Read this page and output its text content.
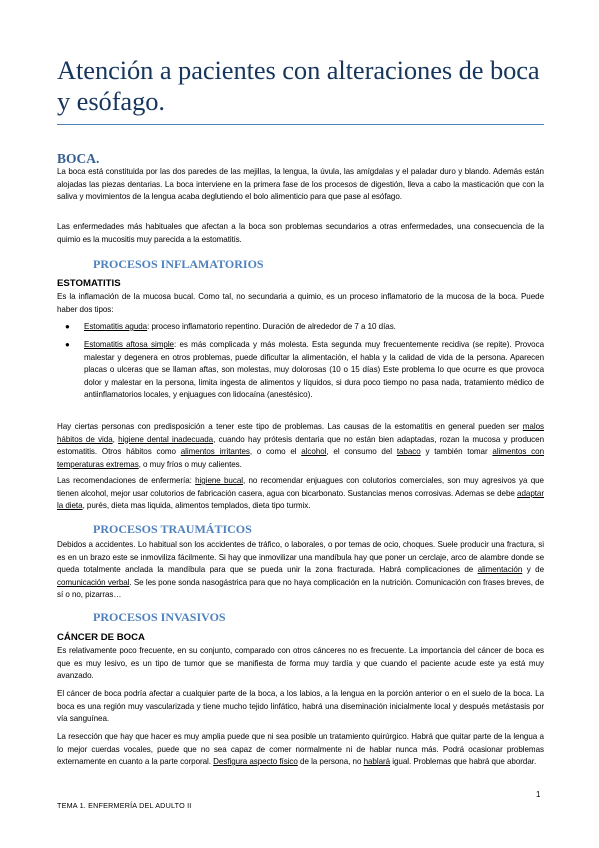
Atención a pacientes con alteraciones de boca y esófago.
BOCA.

La boca está constituida por las dos paredes de las mejillas, la lengua, la úvula, las amígdalas y el paladar duro y blando. Además están alojadas las piezas dentarias. La boca interviene en la primera fase de los procesos de digestión, lleva a cabo la masticación que con la saliva y movimientos de la lengua acaba deglutiendo el bolo alimenticio para que pase al esófago.

Las enfermedades más habituales que afectan a la boca son problemas secundarios a otras enfermedades, una consecuencia de la quimio es la mucositis muy parecida a la estomatitis.

PROCESOS INFLAMATORIOS
ESTOMATITIS

Es la inflamación de la mucosa bucal. Como tal, no secundaria a quimio, es un proceso inflamatorio de la mucosa de la boca. Puede haber dos tipos:

● Estomatitis aguda: proceso inflamatorio repentino. Duración de alrededor de 7 a 10 días.
● Estomatitis aftosa simple: es más complicada y más molesta. Esta segunda muy frecuentemente recidiva (se repite). Provoca malestar y degenera en otros problemas, puede dificultar la alimentación, el habla y la calidad de vida de la persona. Aparecen placas o ulceras que se llaman aftas, son molestas, muy dolorosas (10 o 15 días) Este problema lo que ocurre es que provoca dolor y malestar en la persona, limita ingesta de alimentos y líquidos, si dura poco tiempo no pasa nada, tratamiento médico de antiinflamatorios locales, y enjuagues con lidocaína (anestésico).

Hay ciertas personas con predisposición a tener este tipo de problemas. Las causas de la estomatitis en general pueden ser malos hábitos de vida, higiene dental inadecuada, cuando hay prótesis dentaria que no están bien adaptadas, rozan la mucosa y producen estomatitis. Otros hábitos como alimentos irritantes, o como el alcohol, el consumo del tabaco y también tomar alimentos con temperaturas extremas, o muy fríos o muy calientes.

Las recomendaciones de enfermería: higiene bucal, no recomendar enjuagues con colutorios comerciales, son muy agresivos ya que tienen alcohol, mejor usar colutorios de fabricación casera, agua con bicarbonato. Sustancias menos corrosivas. Ademas se debe adaptar la dieta, purés, dieta mas liquida, alimentos templados, dieta tipo turmix.

PROCESOS TRAUMÁTICOS

Debidos a accidentes. Lo habitual son los accidentes de tráfico, o laborales, o por temas de ocio, choques. Suele producir una fractura, si es en un brazo este se inmoviliza fácilmente. Si hay que inmovilizar una mandíbula hay que poner un cerclaje, arco de alambre donde se queda totalmente anclada la mandíbula para que se pueda unir la zona fracturada. Habrá complicaciones de alimentación y de comunicación verbal. Se les pone sonda nasogástrica para que no haya complicación en la nutrición. Comunicación con frases breves, de sí o no, pizarras…

PROCESOS INVASIVOS
CÁNCER DE BOCA

Es relativamente poco frecuente, en su conjunto, comparado con otros cánceres no es frecuente. La importancia del cáncer de boca es que es muy lesivo, es un tipo de tumor que se manifiesta de forma muy tardía y que cuando el paciente acude este ya está muy avanzado.

El cáncer de boca podría afectar a cualquier parte de la boca, a los labios, a la lengua en la porción anterior o en el suelo de la boca. La boca es una región muy vascularizada y tiene mucho tejido linfático, habrá una diseminación inicialmente local y después metástasis por vía sanguínea.

La resección que hay que hacer es muy amplia puede que ni sea posible un tratamiento quirúrgico. Habrá que quitar parte de la lengua a lo mejor cuerdas vocales, puede que no sea capaz de comer normalmente ni de hablar nunca más. Podrá ocasionar problemas externamente en cuanto a la parte corporal. Desfigura aspecto físico de la persona, no hablará igual. Problemas que habrá que abordar.

1
TEMA 1. ENFERMERÍA DEL ADULTO II
